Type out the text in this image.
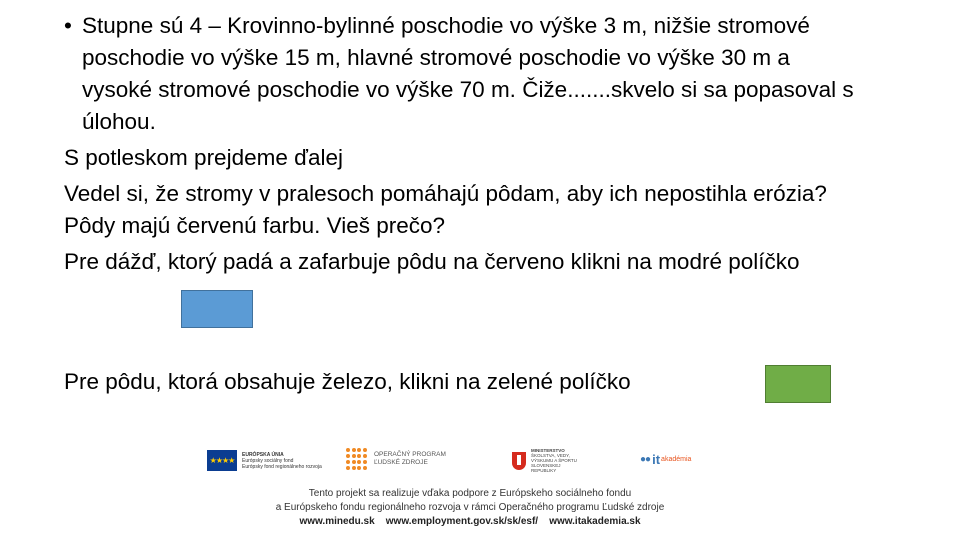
• Stupne sú 4 – Krovinno-bylinné poschodie vo výške 3 m, nižšie stromové poschodie vo výške 15 m, hlavné stromové poschodie vo výške 30 m a vysoké stromové poschodie vo výške 70 m. Čiže.......skvelo si sa popasoval s úlohou.

S potleskom prejdeme ďalej

Vedel si, že stromy v pralesoch pomáhajú pôdam, aby ich nepostihla erózia? Pôdy majú červenú farbu. Vieš prečo?

Pre dážď, ktorý padá a zafarbuje pôdu na červeno klikni na modré políčko

Pre pôdu, ktorá obsahuje železo, klikni na zelené políčko
★★★★
EURÓPSKA ÚNIA
Európsky sociálny fond
Európsky fond regionálneho rozvoja
OPERAČNÝ PROGRAM
ĽUDSKÉ ZDROJE
MINISTERSTVO
ŠKOLSTVA, VEDY,
VÝSKUMU A ŠPORTU
SLOVENSKEJ REPUBLIKY
●● it akadémia
Tento projekt sa realizuje vďaka podpore z Európskeho sociálneho fondu
a Európskeho fondu regionálneho rozvoja v rámci Operačného programu Ľudské zdroje
www.minedu.sk www.employment.gov.sk/sk/esf/ www.itakademia.sk
